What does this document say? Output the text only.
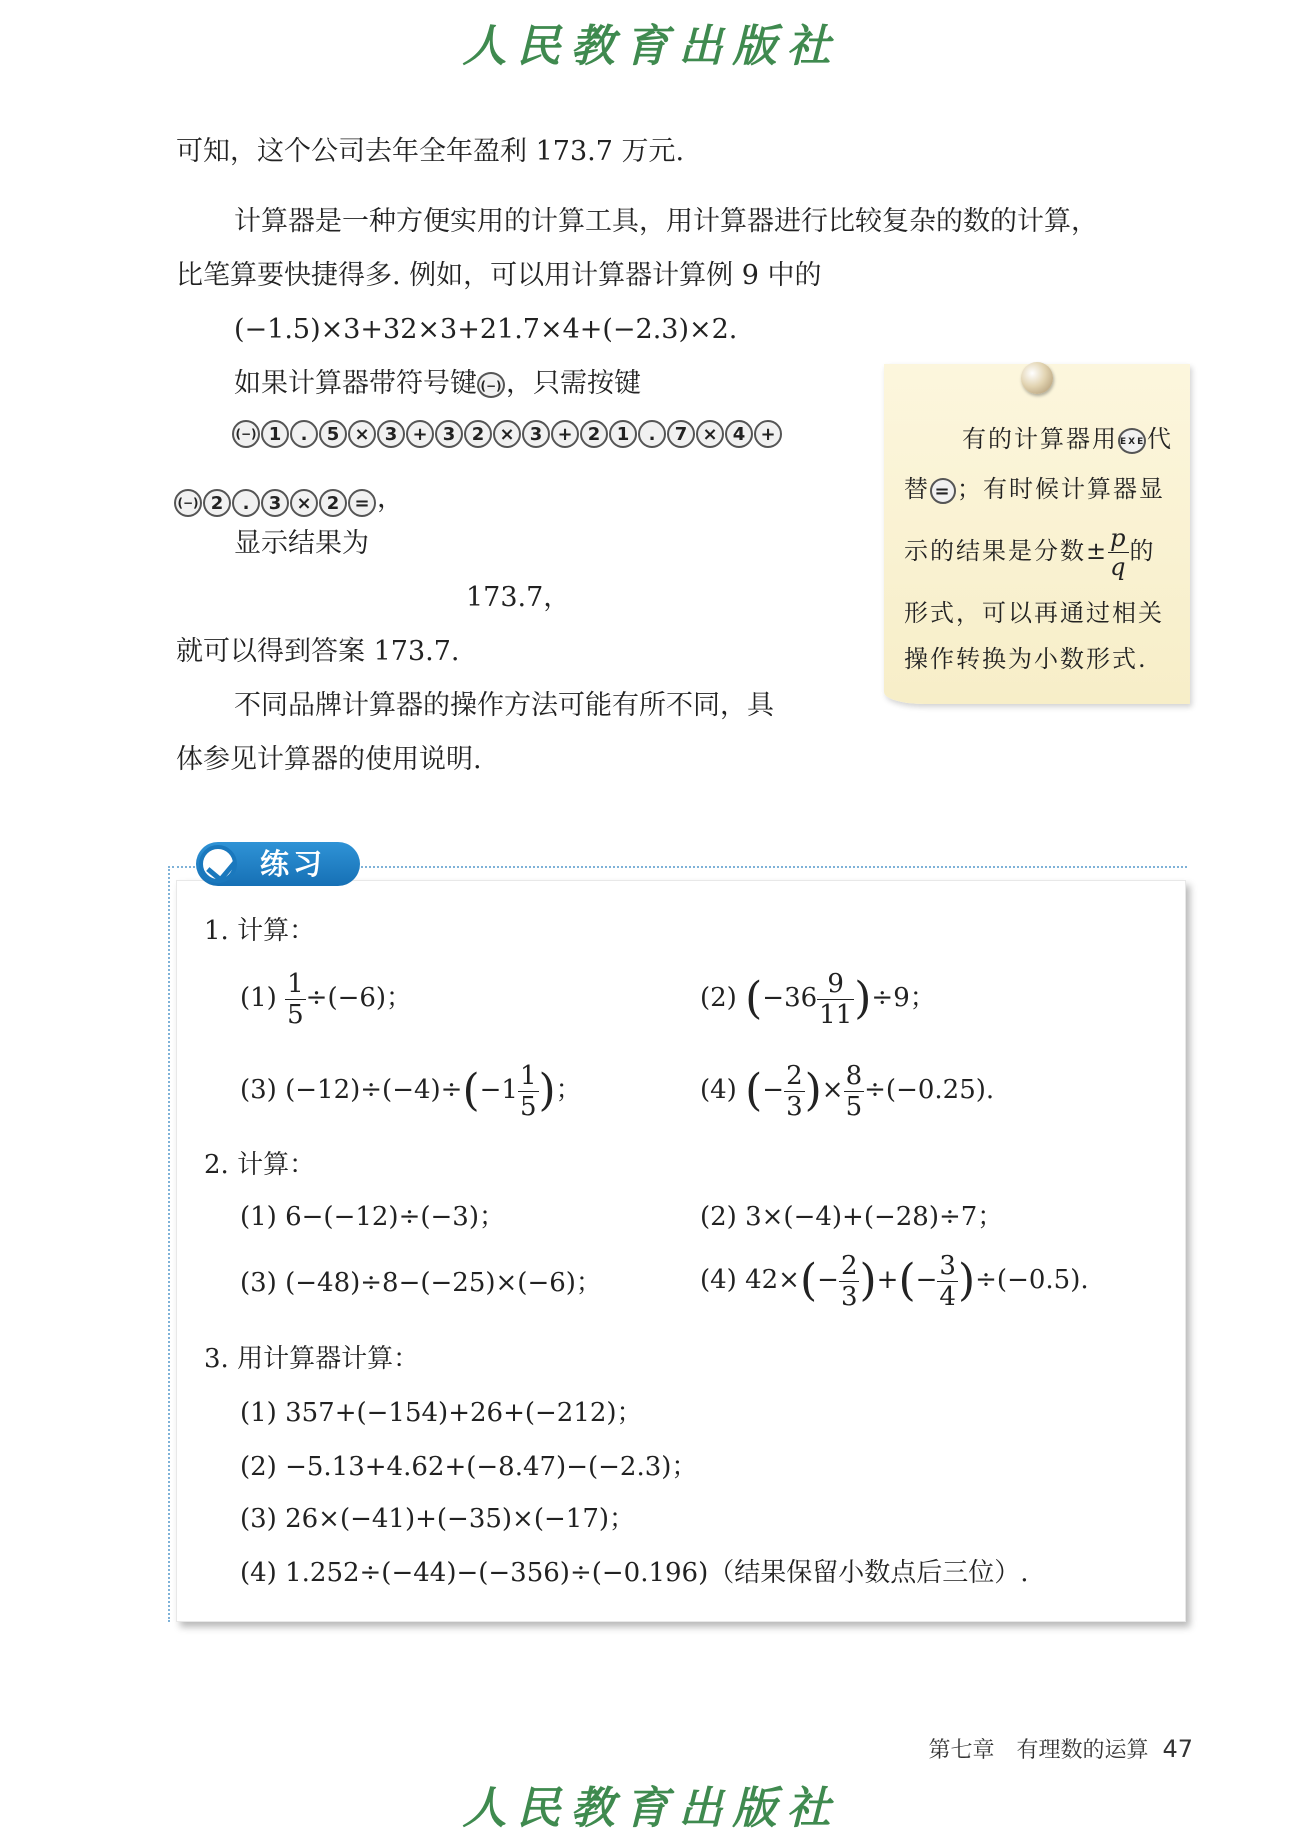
人民教育出版社
可知，这个公司去年全年盈利 173.7 万元.
计算器是一种方便实用的计算工具，用计算器进行比较复杂的数的计算，
比笔算要快捷得多. 例如，可以用计算器计算例 9 中的
(−1.5)×3+32×3+21.7×4+(−2.3)×2.
如果计算器带符号键 (−) ，只需按键
(−) 1 . 5 × 3 + 3 2 × 3 + 2 1 . 7 × 4 +
(−) 2 . 3 × 2 = ，
显示结果为
173.7，
就可以得到答案 173.7.
不同品牌计算器的操作方法可能有所不同，具
体参见计算器的使用说明.
有的计算器用 EXE代
替 = ；有时候计算器显
示的结果是分数± $\frac{p}{q}$ 的
形式，可以再通过相关
操作转换为小数形式.
练习
1. 计算：
$(1) \frac{1}{5} \div(-6)$；	(2) $(-36 \frac{9}{11} )\div 9$；
(3) $(-12)\div(-4)\div(-1 \frac{1}{5}$ )；	(4) (− $\frac{2}{3}$ )× $\frac{8}{5} \div(-0.25)$.
2. 计算：
(1) 6−(−12)÷(−3)；	(2) 3×(−4)+(−28)÷7；
(3) (−48)÷8−(−25)×(−6)；	(4) $42\times(- \frac{2}{3}$ )+(− $\frac{3}{4} )\div(-0.5)$.
3. 用计算器计算：
(1) 357+(−154)+26+(−212)；
(2) −5.13+4.62+(−8.47)−(−2.3)；
(3) 26×(−41)+(−35)×(−17)；
(4) 1.252÷(−44)−(−356)÷(−0.196)（结果保留小数点后三位）.
第七章　有理数的运算 47
人民教育出版社
